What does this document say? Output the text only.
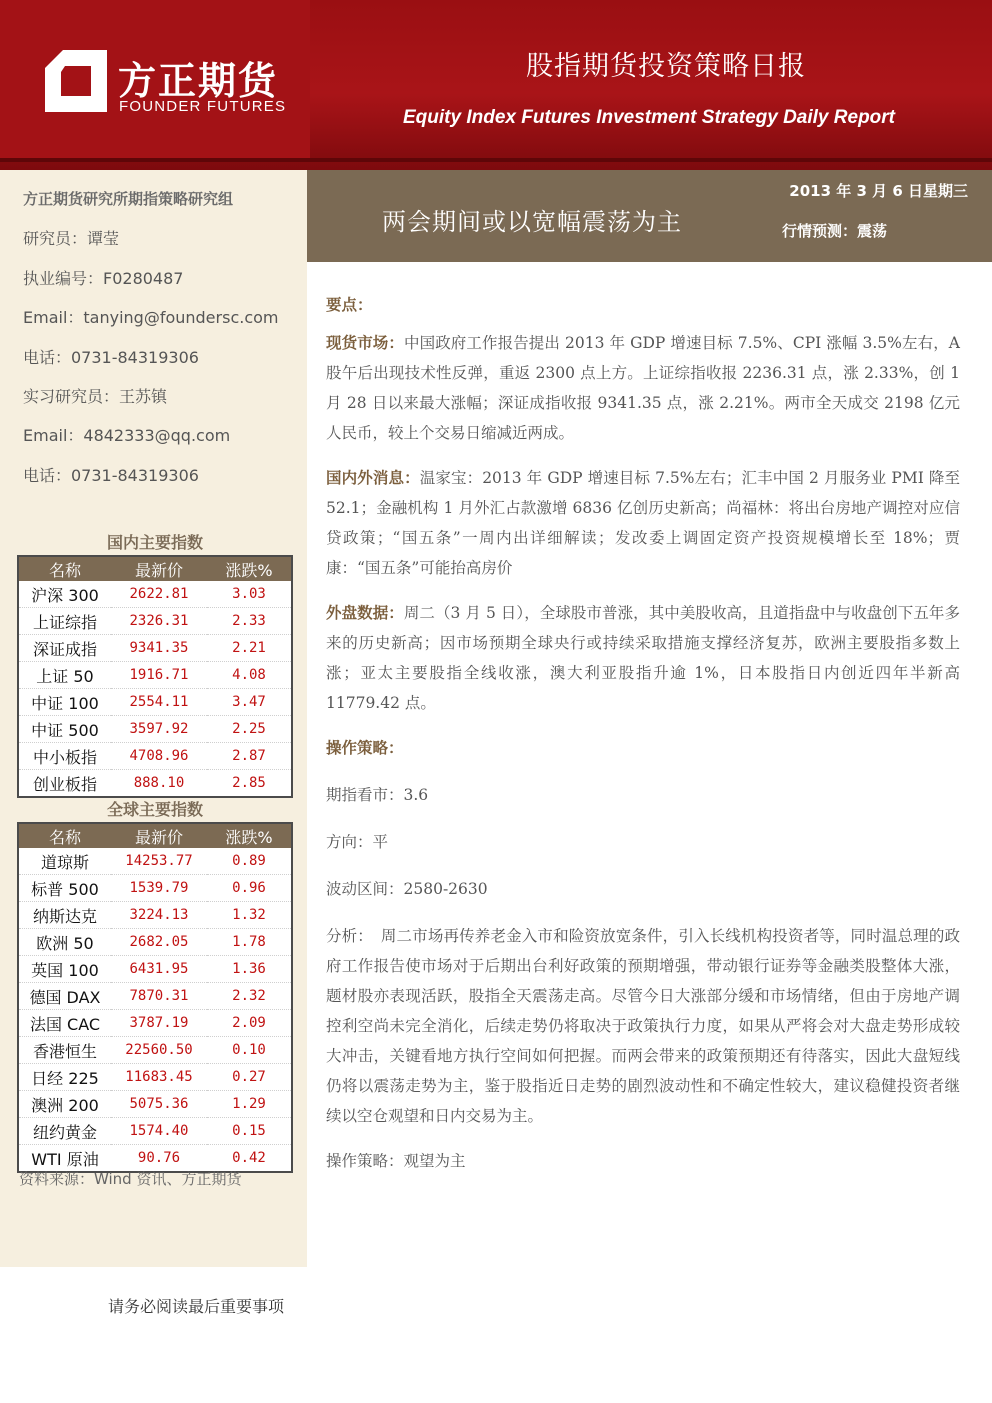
方正期货
FOUNDER FUTURES
股指期货投资策略日报
Equity Index Futures Investment Strategy Daily Report
方正期货研究所期指策略研究组
研究员：谭莹
执业编号：F0280487
Email：tanying@foundersc.com
电话：0731-84319306
实习研究员：王苏镇
Email：4842333@qq.com
电话：0731-84319306
国内主要指数
名称	最新价	涨跌%
沪深 300	2622.81	3.03
上证综指	2326.31	2.33
深证成指	9341.35	2.21
上证 50	1916.71	4.08
中证 100	2554.11	3.47
中证 500	3597.92	2.25
中小板指	4708.96	2.87
创业板指	888.10	2.85
全球主要指数
名称	最新价	涨跌%
道琼斯	14253.77	0.89
标普 500	1539.79	0.96
纳斯达克	3224.13	1.32
欧洲 50	2682.05	1.78
英国 100	6431.95	1.36
德国 DAX	7870.31	2.32
法国 CAC	3787.19	2.09
香港恒生	22560.50	0.10
日经 225	11683.45	0.27
澳洲 200	5075.36	1.29
纽约黄金	1574.40	0.15
WTI 原油	90.76	0.42
资料来源：Wind 资讯、方正期货
两会期间或以宽幅震荡为主
2013 年 3 月 6 日星期三
行情预测：震荡

要点：

现货市场：中国政府工作报告提出 2013 年 GDP 增速目标 7.5%、CPI 涨幅 3.5%左右，A 股午后出现技术性反弹，重返 2300 点上方。上证综指收报 2236.31 点，涨 2.33%，创 1 月 28 日以来最大涨幅；深证成指收报 9341.35 点，涨 2.21%。两市全天成交 2198 亿元人民币，较上个交易日缩减近两成。

国内外消息：温家宝：2013 年 GDP 增速目标 7.5%左右；汇丰中国 2 月服务业 PMI 降至 52.1；金融机构 1 月外汇占款激增 6836 亿创历史新高；尚福林：将出台房地产调控对应信贷政策；“国五条”一周内出详细解读；发改委上调固定资产投资规模增长至 18%；贾康：“国五条”可能抬高房价

外盘数据：周二（3 月 5 日），全球股市普涨，其中美股收高，且道指盘中与收盘创下五年多来的历史新高；因市场预期全球央行或持续采取措施支撑经济复苏，欧洲主要股指多数上涨；亚太主要股指全线收涨，澳大利亚股指升逾 1%，日本股指日内创近四年半新高 11779.42 点。

操作策略：

期指看市：3.6

方向：平

波动区间：2580-2630

分析：　周二市场再传养老金入市和险资放宽条件，引入长线机构投资者等，同时温总理的政府工作报告使市场对于后期出台利好政策的预期增强，带动银行证券等金融类股整体大涨，题材股亦表现活跃，股指全天震荡走高。尽管今日大涨部分缓和市场情绪，但由于房地产调控利空尚未完全消化，后续走势仍将取决于政策执行力度，如果从严将会对大盘走势形成较大冲击，关键看地方执行空间如何把握。而两会带来的政策预期还有待落实，因此大盘短线仍将以震荡走势为主，鉴于股指近日走势的剧烈波动性和不确定性较大，建议稳健投资者继续以空仓观望和日内交易为主。

操作策略：观望为主

请务必阅读最后重要事项
